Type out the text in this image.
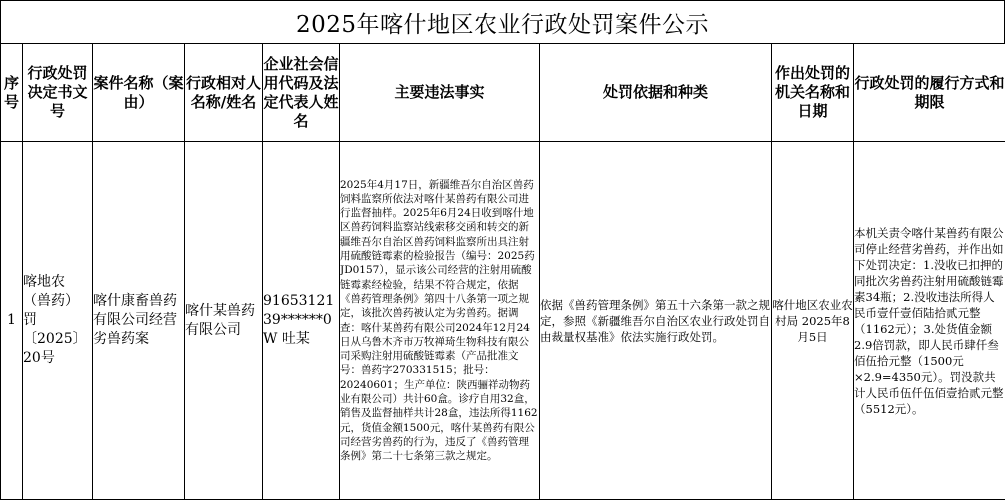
2025年喀什地区农业行政处罚案件公示
序号	行政处罚决定书文号	案件名称（案由）	行政相对人名称/姓名	企业社会信用代码及法定代表人姓名	主要违法事实	处罚依据和种类	作出处罚的机关名称和日期	行政处罚的履行方式和期限
1	喀地农（兽药）罚〔2025〕20号	喀什康畜兽药有限公司经营劣兽药案	喀什某兽药有限公司	9165312139******0W 吐某	2025年4月17日，新疆维吾尔自治区兽药饲料监察所依法对喀什某兽药有限公司进行监督抽样。2025年6月24日收到喀什地区兽药饲料监察站线索移交函和转交的新疆维吾尔自治区兽药饲料监察所出具注射用硫酸链霉素的检验报告（编号：2025药JD0157），显示该公司经营的注射用硫酸链霉素经检验，结果不符合规定，依据《兽药管理条例》第四十八条第一项之规定，该批次兽药被认定为劣兽药。据调查：喀什某兽药有限公司2024年12月24日从乌鲁木齐市万牧禅琦生物科技有限公司采购注射用硫酸链霉素（产品批准文号：兽药字270331515；批号：20240601；生产单位：陕西骊祥动物药业有限公司）共计60盒。诊疗自用32盒，销售及监督抽样共计28盒，违法所得1162元，货值金额1500元，喀什某兽药有限公司经营劣兽药的行为，违反了《兽药管理条例》第二十七条第三款之规定。	依据《兽药管理条例》第五十六条第一款之规定，参照《新疆维吾尔自治区农业行政处罚自由裁量权基准》依法实施行政处罚。	喀什地区农业农村局 2025年8月5日	本机关责令喀什某兽药有限公司停止经营劣兽药，并作出如下处罚决定：1.没收已扣押的同批次劣兽药注射用硫酸链霉素34瓶；2.没收违法所得人民币壹仟壹佰陆拾贰元整（1162元）；3.处货值金额2.9倍罚款，即人民币肆仟叁佰伍拾元整（1500元×2.9=4350元）。罚没款共计人民币伍仟伍佰壹拾贰元整（5512元）。
